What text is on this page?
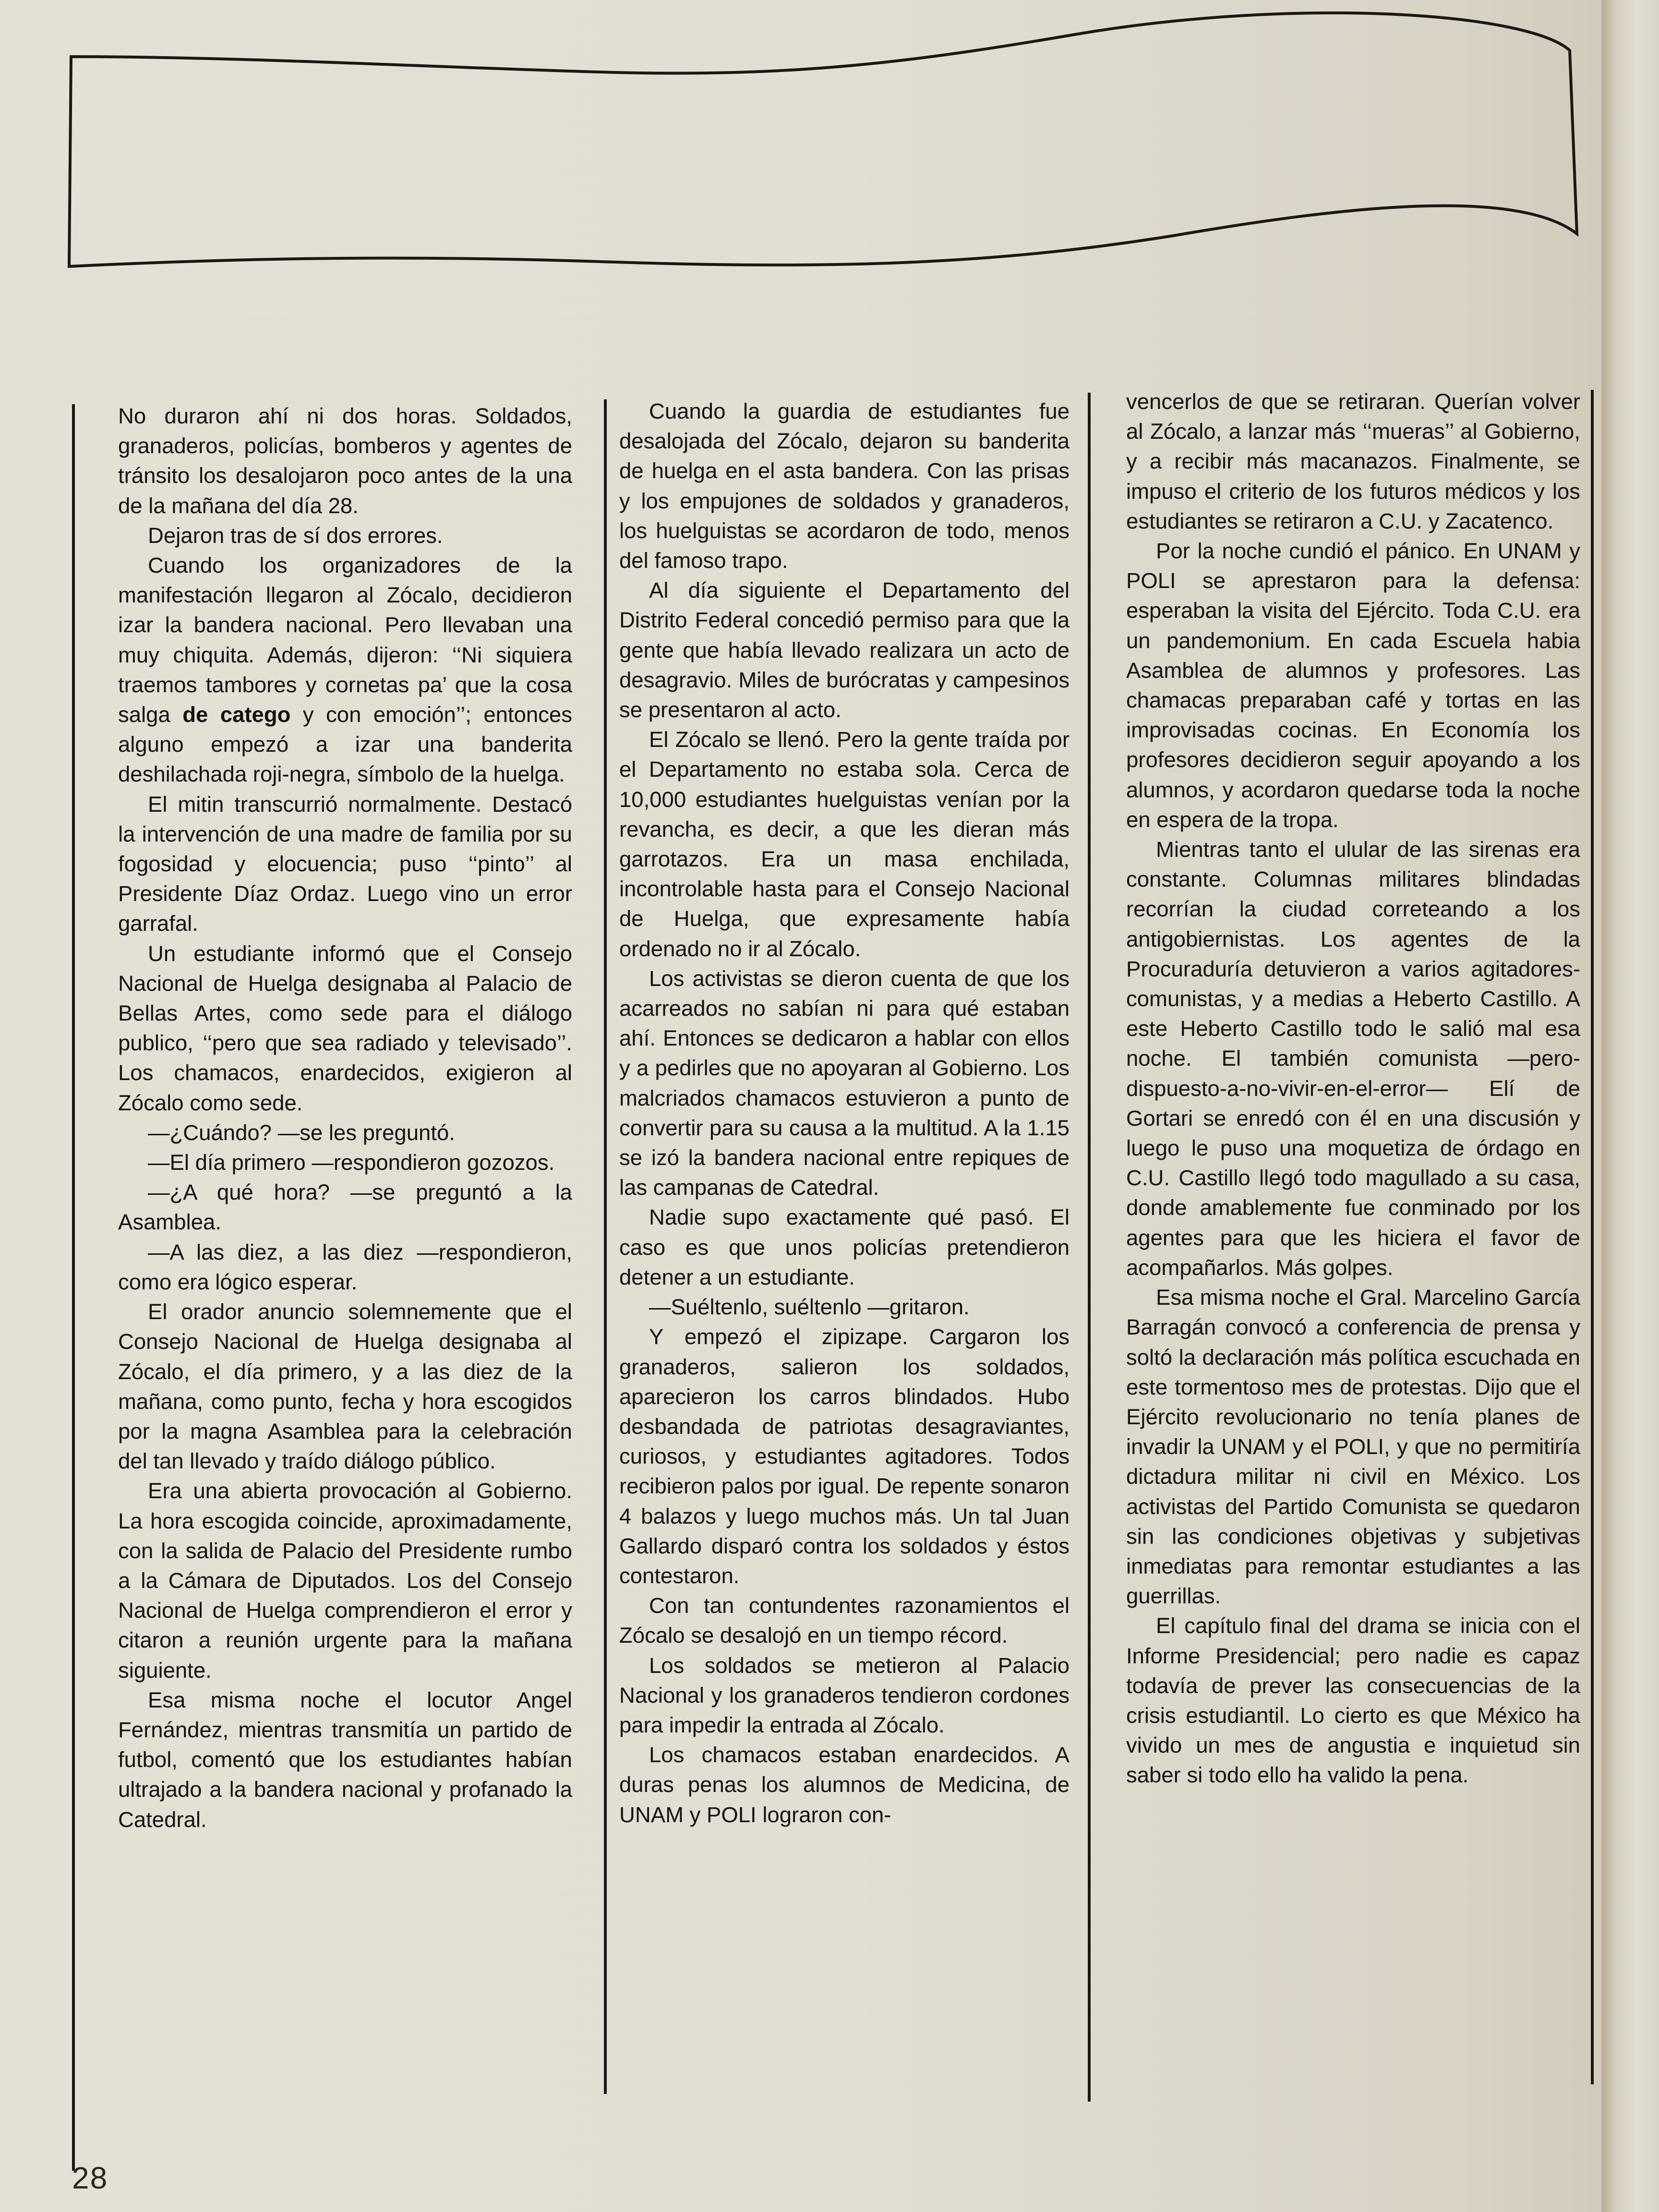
No duraron ahí ni dos horas. Soldados, granaderos, policías, bomberos y agentes de tránsito los desalojaron poco antes de la una de la mañana del día 28.

Dejaron tras de sí dos errores.

Cuando los organizadores de la manifestación llegaron al Zócalo, decidieron izar la bandera nacional. Pero llevaban una muy chiquita. Además, dijeron: ‘‘Ni siquiera traemos tambores y cornetas pa’ que la cosa salga de catego y con emoción’’; entonces alguno empezó a izar una banderita deshilachada roji-negra, símbolo de la huelga.

El mitin transcurrió normalmente. Destacó la intervención de una madre de familia por su fogosidad y elocuencia; puso ‘‘pinto’’ al Presidente Díaz Ordaz. Luego vino un error garrafal.

Un estudiante informó que el Consejo Nacional de Huelga designaba al Palacio de Bellas Artes, como sede para el diálogo publico, ‘‘pero que sea radiado y televisado’’. Los chamacos, enardecidos, exigieron al Zócalo como sede.

—¿Cuándo? —se les preguntó.

—El día primero —respondieron gozozos.

—¿A qué hora? —se preguntó a la Asamblea.

—A las diez, a las diez —respondieron, como era lógico esperar.

El orador anuncio solemnemente que el Consejo Nacional de Huelga designaba al Zócalo, el día primero, y a las diez de la mañana, como punto, fecha y hora escogidos por la magna Asamblea para la celebración del tan llevado y traído diálogo público.

Era una abierta provocación al Gobierno. La hora escogida coincide, aproximadamente, con la salida de Palacio del Presidente rumbo a la Cámara de Diputados. Los del Consejo Nacional de Huelga comprendieron el error y citaron a reunión urgente para la mañana siguiente.

Esa misma noche el locutor Angel Fernández, mientras transmitía un partido de futbol, comentó que los estudiantes habían ultrajado a la bandera nacional y profanado la Catedral.

Cuando la guardia de estudiantes fue desalojada del Zócalo, dejaron su banderita de huelga en el asta bandera. Con las prisas y los empujones de soldados y granaderos, los huelguistas se acordaron de todo, menos del famoso trapo.

Al día siguiente el Departamento del Distrito Federal concedió permiso para que la gente que había llevado realizara un acto de desagravio. Miles de burócratas y campesinos se presentaron al acto.

El Zócalo se llenó. Pero la gente traída por el Departamento no estaba sola. Cerca de 10,000 estudiantes huelguistas venían por la revancha, es decir, a que les dieran más garrotazos. Era un masa enchilada, incontrolable hasta para el Consejo Nacional de Huelga, que expresamente había ordenado no ir al Zócalo.

Los activistas se dieron cuenta de que los acarreados no sabían ni para qué estaban ahí. Entonces se dedicaron a hablar con ellos y a pedirles que no apoyaran al Gobierno. Los malcriados chamacos estuvieron a punto de convertir para su causa a la multitud. A la 1.15 se izó la bandera nacional entre repiques de las campanas de Catedral.

Nadie supo exactamente qué pasó. El caso es que unos policías pretendieron detener a un estudiante.

—Suéltenlo, suéltenlo —gritaron.

Y empezó el zipizape. Cargaron los granaderos, salieron los soldados, aparecieron los carros blindados. Hubo desbandada de patriotas desagraviantes, curiosos, y estudiantes agitadores. Todos recibieron palos por igual. De repente sonaron 4 balazos y luego muchos más. Un tal Juan Gallardo disparó contra los soldados y éstos contestaron.

Con tan contundentes razonamientos el Zócalo se desalojó en un tiempo récord.

Los soldados se metieron al Palacio Nacional y los granaderos tendieron cordones para impedir la entrada al Zócalo.

Los chamacos estaban enardecidos. A duras penas los alumnos de Medicina, de UNAM y POLI lograron con-

vencerlos de que se retiraran. Querían volver al Zócalo, a lanzar más ‘‘mueras’’ al Gobierno, y a recibir más macanazos. Finalmente, se impuso el criterio de los futuros médicos y los estudiantes se retiraron a C.U. y Zacatenco.

Por la noche cundió el pánico. En UNAM y POLI se aprestaron para la defensa: esperaban la visita del Ejército. Toda C.U. era un pandemonium. En cada Escuela habia Asamblea de alumnos y profesores. Las chamacas preparaban café y tortas en las improvisadas cocinas. En Economía los profesores decidieron seguir apoyando a los alumnos, y acordaron quedarse toda la noche en espera de la tropa.

Mientras tanto el ulular de las sirenas era constante. Columnas militares blindadas recorrían la ciudad correteando a los antigobiernistas. Los agentes de la Procuraduría detuvieron a varios agitadores-comunistas, y a medias a Heberto Castillo. A este Heberto Castillo todo le salió mal esa noche. El también comunista —pero-dispuesto-a-no-vivir-en-el-error— Elí de Gortari se enredó con él en una discusión y luego le puso una moquetiza de órdago en C.U. Castillo llegó todo magullado a su casa, donde amablemente fue conminado por los agentes para que les hiciera el favor de acompañarlos. Más golpes.

Esa misma noche el Gral. Marcelino García Barragán convocó a conferencia de prensa y soltó la declaración más política escuchada en este tormentoso mes de protestas. Dijo que el Ejército revolucionario no tenía planes de invadir la UNAM y el POLI, y que no permitiría dictadura militar ni civil en México. Los activistas del Partido Comunista se quedaron sin las condiciones objetivas y subjetivas inmediatas para remontar estudiantes a las guerrillas.

El capítulo final del drama se inicia con el Informe Presidencial; pero nadie es capaz todavía de prever las consecuencias de la crisis estudiantil. Lo cierto es que México ha vivido un mes de angustia e inquietud sin saber si todo ello ha valido la pena.

28
